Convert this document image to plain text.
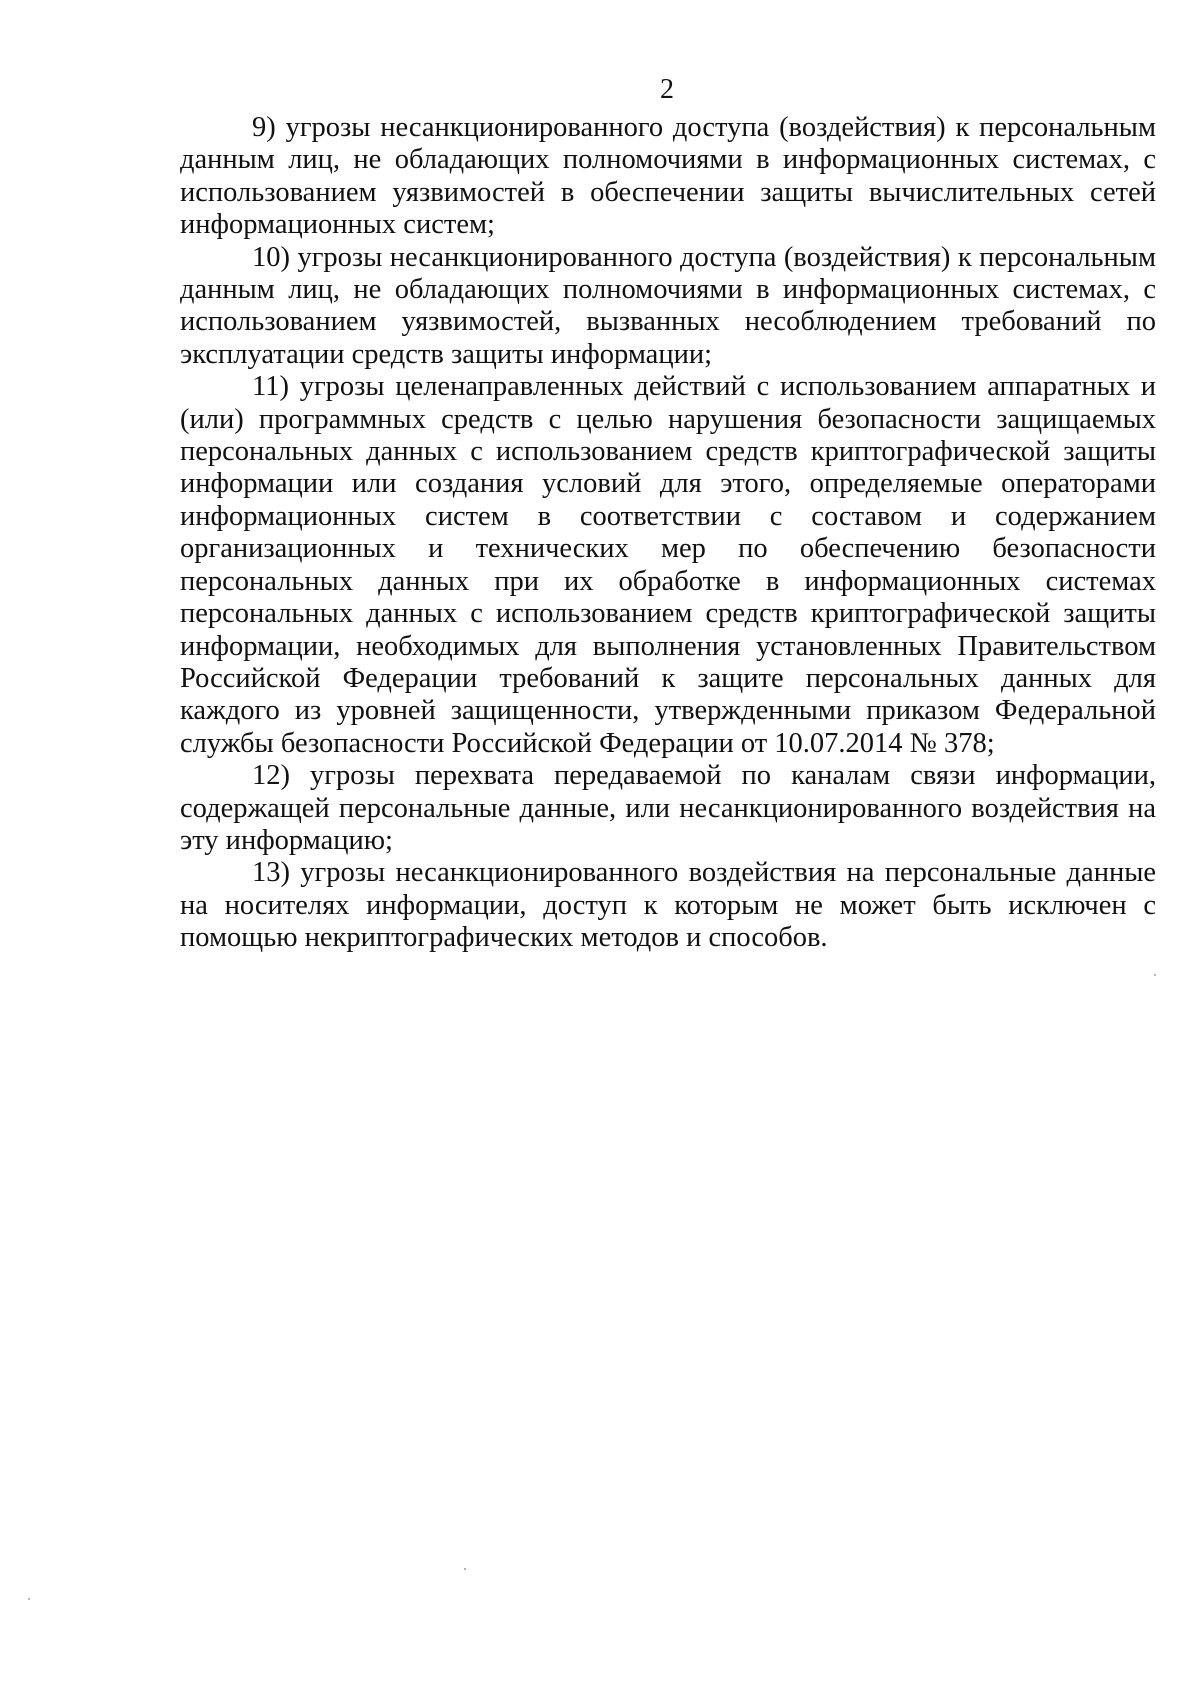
2

9) угрозы несанкционированного доступа (воздействия) к персональным данным лиц, не обладающих полномочиями в информационных системах, с использованием уязвимостей в обеспечении защиты вычислительных сетей информационных систем;

10) угрозы несанкционированного доступа (воздействия) к персональным данным лиц, не обладающих полномочиями в информационных системах, с использованием уязвимостей, вызванных несоблюдением требований по эксплуатации средств защиты информации;

11) угрозы целенаправленных действий с использованием аппаратных и (или) программных средств с целью нарушения безопасности защищаемых персональных данных с использованием средств криптографической защиты информации или создания условий для этого, определяемые операторами информационных систем в соответствии с составом и содержанием организационных и технических мер по обеспечению безопасности персональных данных при их обработке в информационных системах персональных данных с использованием средств криптографической защиты информации, необходимых для выполнения установленных Правительством Российской Федерации требований к защите персональных данных для каждого из уровней защищенности, утвержденными приказом Федеральной службы безопасности Российской Федерации от 10.07.2014 № 378;

12) угрозы перехвата передаваемой по каналам связи информации, содержащей персональные данные, или несанкционированного воздействия на эту информацию;

13) угрозы несанкционированного воздействия на персональные данные на носителях информации, доступ к которым не может быть исключен с помощью некриптографических методов и способов.
